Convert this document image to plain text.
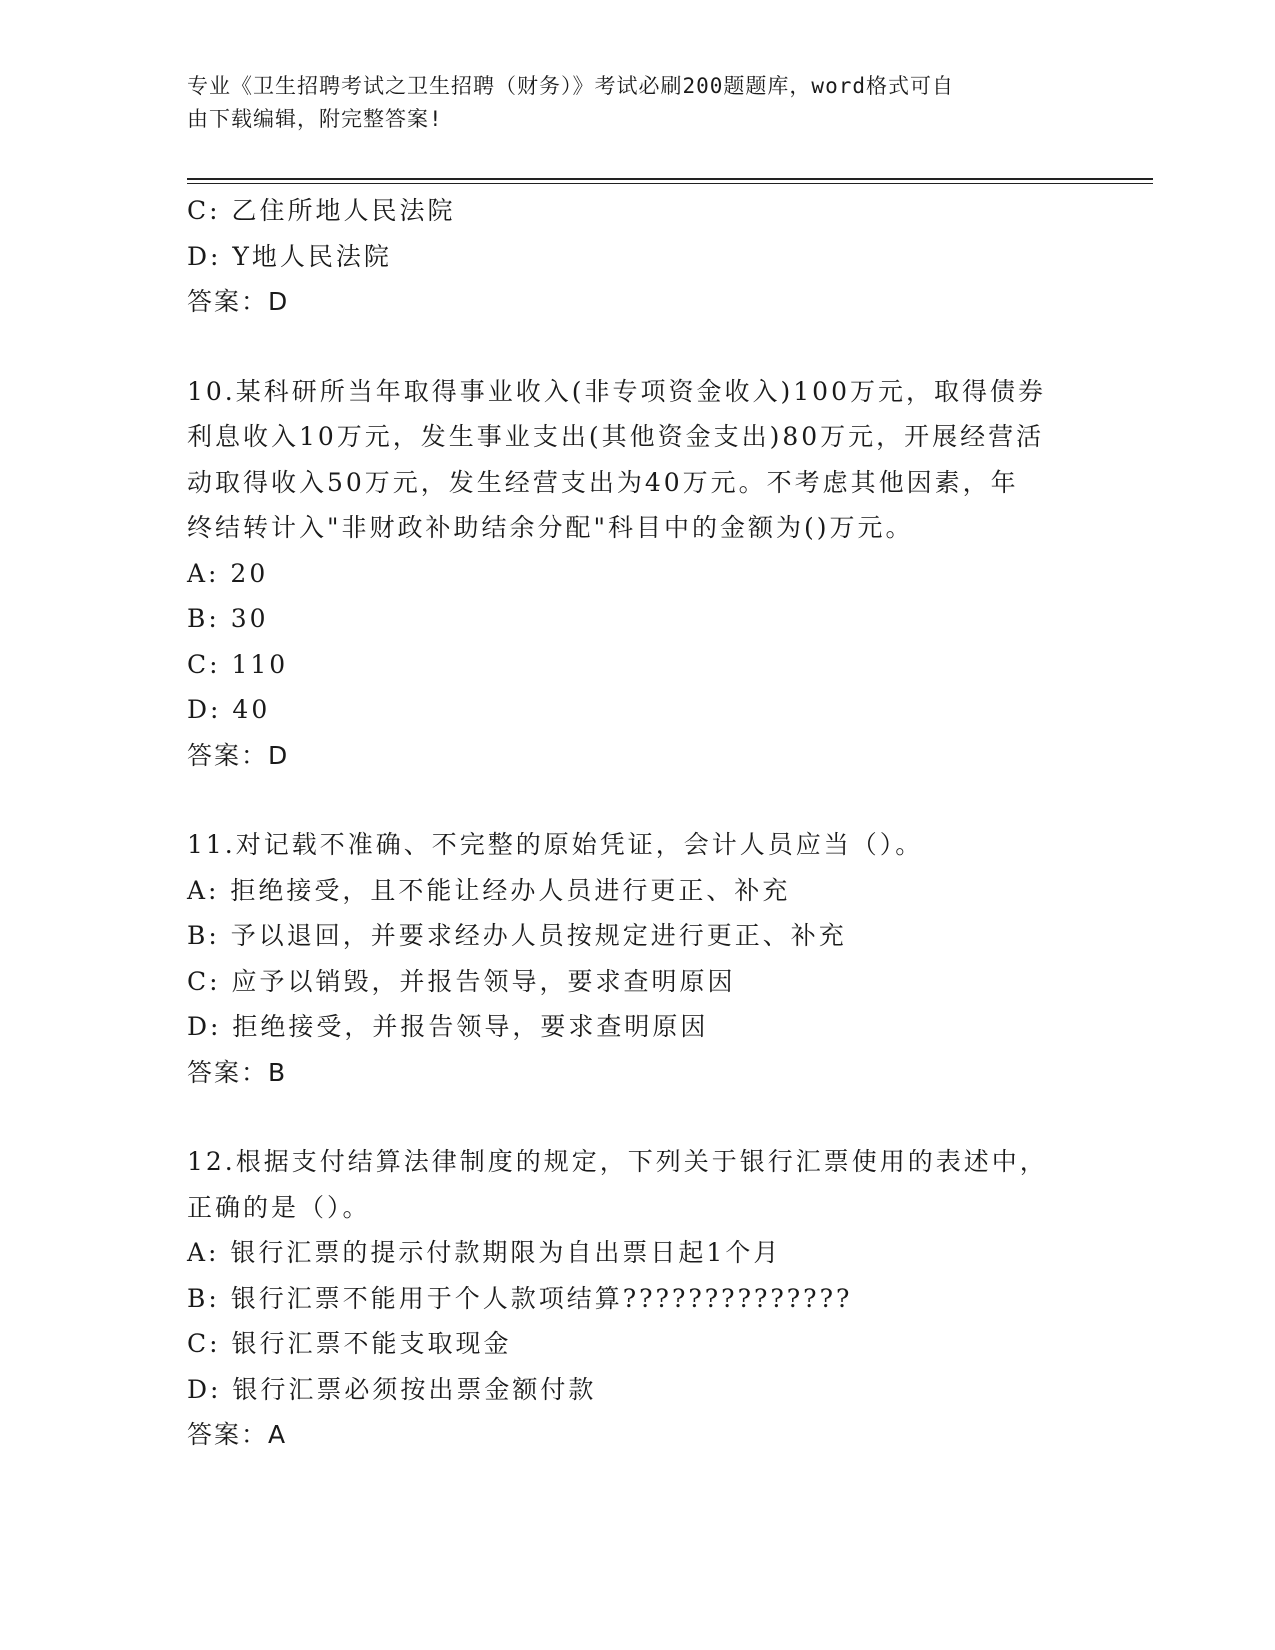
专业《卫生招聘考试之卫生招聘（财务）》考试必刷200题题库，word格式可自
由下载编辑，附完整答案!
C: 乙住所地人民法院
D: Y地人民法院
答案：D
10.某科研所当年取得事业收入(非专项资金收入)100万元，取得债券
利息收入10万元，发生事业支出(其他资金支出)80万元，开展经营活
动取得收入50万元，发生经营支出为40万元。不考虑其他因素，年
终结转计入"非财政补助结余分配"科目中的金额为()万元。
A: 20
B: 30
C: 110
D: 40
答案：D
11.对记载不准确、不完整的原始凭证，会计人员应当（）。
A: 拒绝接受，且不能让经办人员进行更正、补充
B: 予以退回，并要求经办人员按规定进行更正、补充
C: 应予以销毁，并报告领导，要求查明原因
D: 拒绝接受，并报告领导，要求查明原因
答案：B
12.根据支付结算法律制度的规定，下列关于银行汇票使用的表述中，
正确的是（）。
A: 银行汇票的提示付款期限为自出票日起1个月
B: 银行汇票不能用于个人款项结算??????????????
C: 银行汇票不能支取现金
D: 银行汇票必须按出票金额付款
答案：A
